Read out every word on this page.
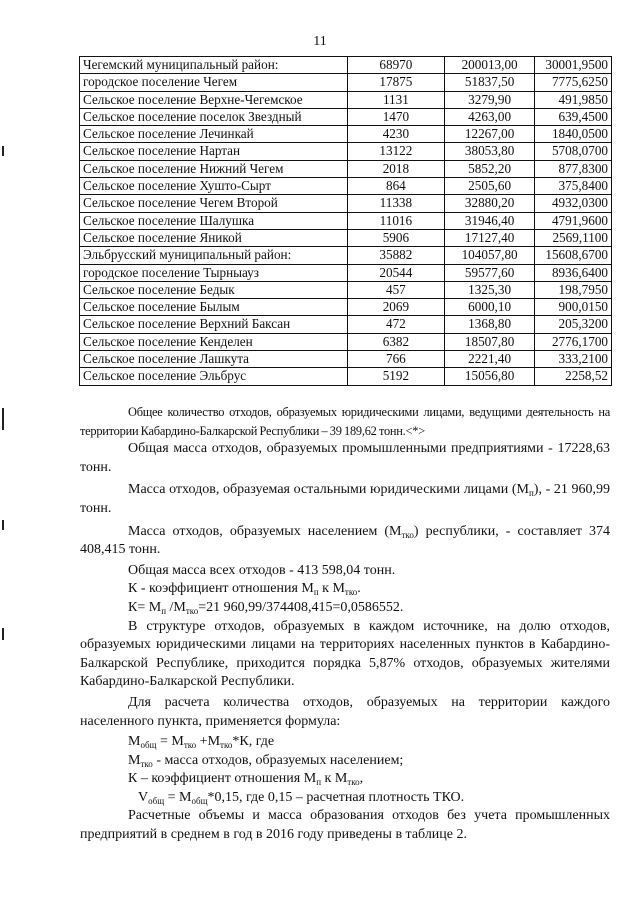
11
Чегемский муниципальный район:	68970	200013,00	30001,9500
городское поселение Чегем	17875	51837,50	7775,6250
Сельское поселение Верхне-Чегемское	1131	3279,90	491,9850
Сельское поселение поселок Звездный	1470	4263,00	639,4500
Сельское поселение Лечинкай	4230	12267,00	1840,0500
Сельское поселение Нартан	13122	38053,80	5708,0700
Сельское поселение Нижний Чегем	2018	5852,20	877,8300
Сельское поселение Хушто-Сырт	864	2505,60	375,8400
Сельское поселение Чегем Второй	11338	32880,20	4932,0300
Сельское поселение Шалушка	11016	31946,40	4791,9600
Сельское поселение Яникой	5906	17127,40	2569,1100
Эльбрусский муниципальный район:	35882	104057,80	15608,6700
городское поселение Тырныауз	20544	59577,60	8936,6400
Сельское поселение Бедык	457	1325,30	198,7950
Сельское поселение Былым	2069	6000,10	900,0150
Сельское поселение Верхний Баксан	472	1368,80	205,3200
Сельское поселение Кенделен	6382	18507,80	2776,1700
Сельское поселение Лашкута	766	2221,40	333,2100
Сельское поселение Эльбрус	5192	15056,80	2258,52

Общее количество отходов, образуемых юридическими лицами, ведущими деятельность на территории Кабардино-Балкарской Республики – 39 189,62 тонн.<*>

Общая масса отходов, образуемых промышленными предприятиями - 17228,63 тонн.

Масса отходов, образуемая остальными юридическими лицами $(М_п)$, - 21 960,99 тонн.

Масса отходов, образуемых населением $(М_{тко})$ республики, - составляет 374 408,415 тонн.

Общая масса всех отходов - 413 598,04 тонн.

К - коэффициент отношения $М_п$ к $М_{тко}$.

$К= М_п$ $/М_{тко}=21$ 960,99/374408,415=0,0586552.

В структуре отходов, образуемых в каждом источнике, на долю отходов, образуемых юридическими лицами на территориях населенных пунктов в Кабардино-Балкарской Республике, приходится порядка 5,87% отходов, образуемых жителями Кабардино-Балкарской Республики.

Для расчета количества отходов, образуемых на территории каждого населенного пункта, применяется формула:

$М_{общ} = М_{тко} +М_{тко}*К$, где

$М_{тко}$ - масса отходов, образуемых населением;

К – коэффициент отношения $М_п$ к $М_{тко}$,

$V_{общ} = М_{общ}*0,15$, где 0,15 – расчетная плотность ТКО.

Расчетные объемы и масса образования отходов без учета промышленных предприятий в среднем в год в 2016 году приведены в таблице 2.
